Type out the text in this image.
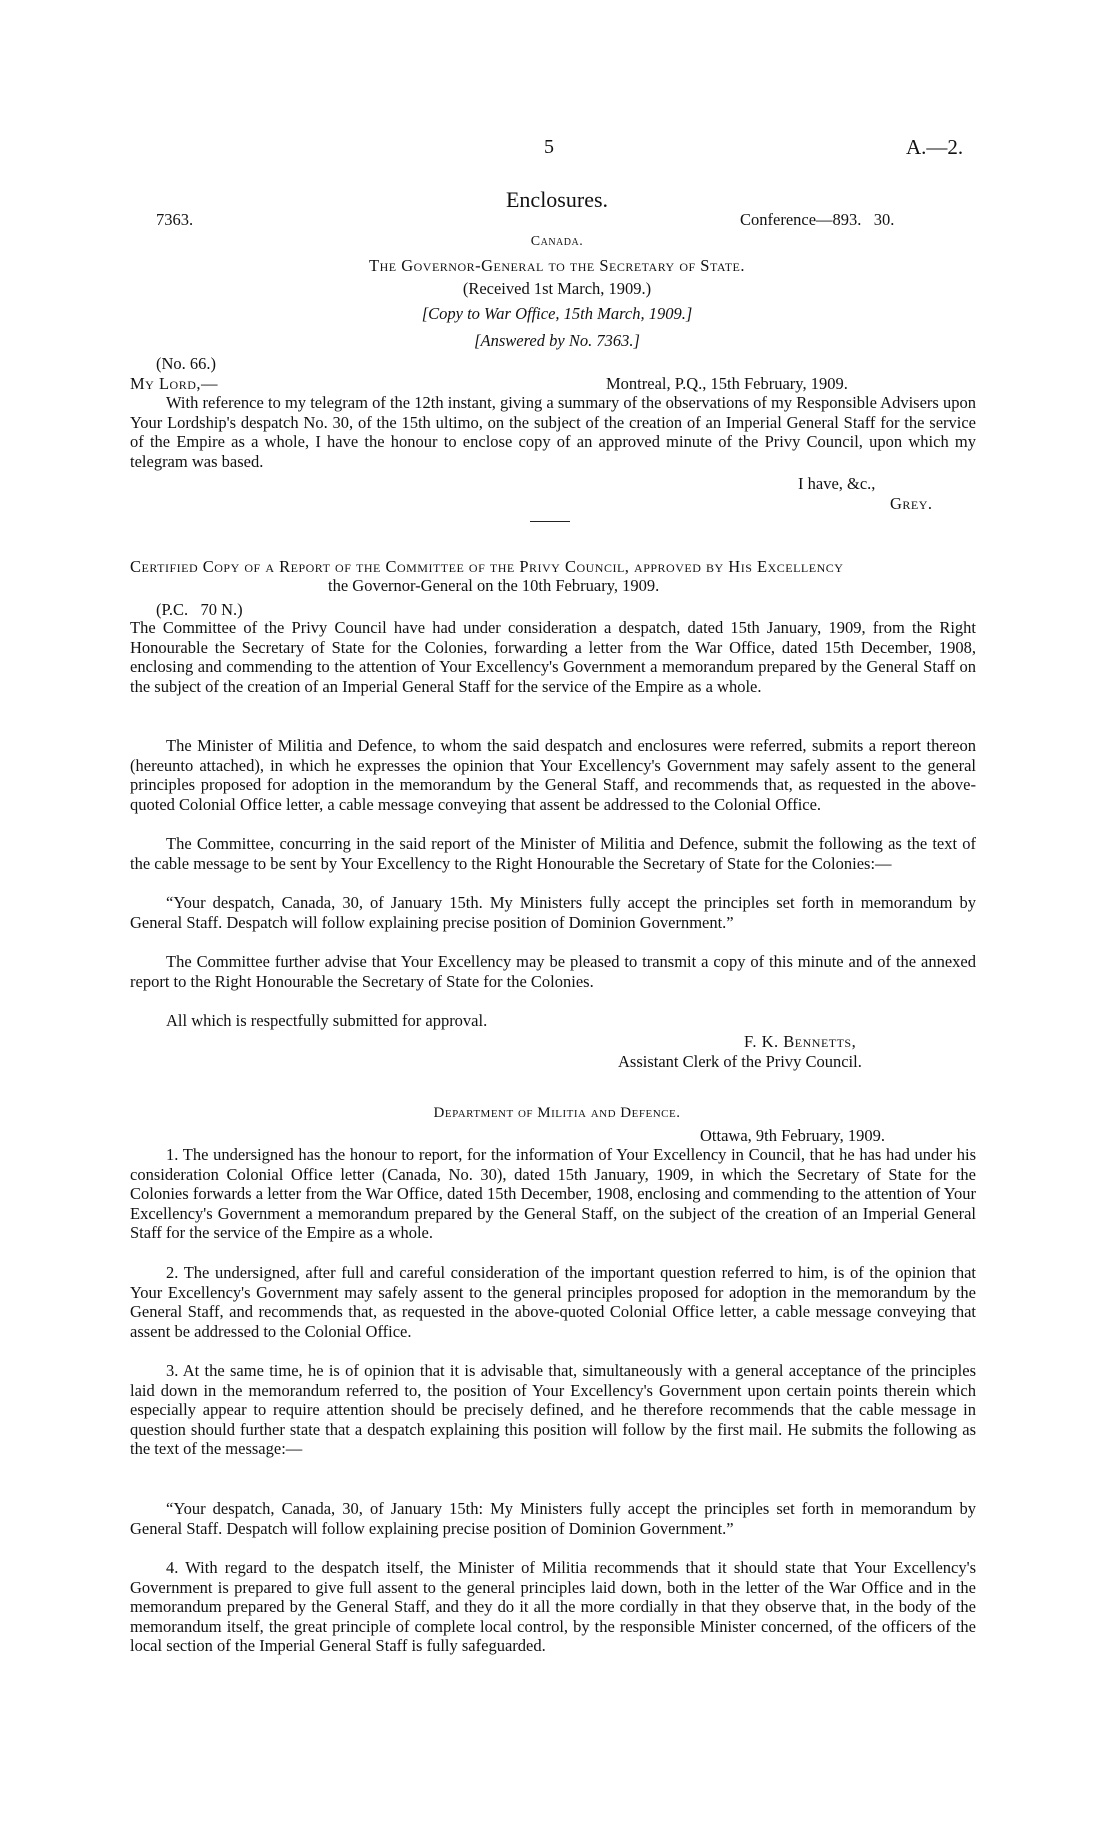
5	A.—2.
Enclosures.
7363.	Conference—893.   30.
Canada.
The Governor-General to the Secretary of State.
(Received 1st March, 1909.)
[Copy to War Office, 15th March, 1909.]
[Answered by No. 7363.]
(No. 66.)
My Lord,—	Montreal, P.Q., 15th February, 1909.
With reference to my telegram of the 12th instant, giving a summary of the observations of my Responsible Advisers upon Your Lordship's despatch No. 30, of the 15th ultimo, on the subject of the creation of an Imperial General Staff for the service of the Empire as a whole, I have the honour to enclose copy of an approved minute of the Privy Council, upon which my telegram was based.
I have, &c.,
Grey.
Certified Copy of a Report of the Committee of the Privy Council, approved by His Excellency
the Governor-General on the 10th February, 1909.
(P.C.   70 N.)
The Committee of the Privy Council have had under consideration a despatch, dated 15th January, 1909, from the Right Honourable the Secretary of State for the Colonies, forwarding a letter from the War Office, dated 15th December, 1908, enclosing and commending to the attention of Your Excellency's Government a memorandum prepared by the General Staff on the subject of the creation of an Imperial General Staff for the service of the Empire as a whole.
The Minister of Militia and Defence, to whom the said despatch and enclosures were referred, submits a report thereon (hereunto attached), in which he expresses the opinion that Your Excellency's Government may safely assent to the general principles proposed for adoption in the memorandum by the General Staff, and recommends that, as requested in the above-quoted Colonial Office letter, a cable message conveying that assent be addressed to the Colonial Office.
The Committee, concurring in the said report of the Minister of Militia and Defence, submit the following as the text of the cable message to be sent by Your Excellency to the Right Honourable the Secretary of State for the Colonies:—
“Your despatch, Canada, 30, of January 15th. My Ministers fully accept the principles set forth in memorandum by General Staff. Despatch will follow explaining precise position of Dominion Government.”
The Committee further advise that Your Excellency may be pleased to transmit a copy of this minute and of the annexed report to the Right Honourable the Secretary of State for the Colonies.
All which is respectfully submitted for approval.
F. K. Bennetts,
Assistant Clerk of the Privy Council.
Department of Militia and Defence.
Ottawa, 9th February, 1909.
1. The undersigned has the honour to report, for the information of Your Excellency in Council, that he has had under his consideration Colonial Office letter (Canada, No. 30), dated 15th January, 1909, in which the Secretary of State for the Colonies forwards a letter from the War Office, dated 15th December, 1908, enclosing and commending to the attention of Your Excellency's Government a memorandum prepared by the General Staff, on the subject of the creation of an Imperial General Staff for the service of the Empire as a whole.
2. The undersigned, after full and careful consideration of the important question referred to him, is of the opinion that Your Excellency's Government may safely assent to the general principles proposed for adoption in the memorandum by the General Staff, and recommends that, as requested in the above-quoted Colonial Office letter, a cable message conveying that assent be addressed to the Colonial Office.
3. At the same time, he is of opinion that it is advisable that, simultaneously with a general acceptance of the principles laid down in the memorandum referred to, the position of Your Excellency's Government upon certain points therein which especially appear to require attention should be precisely defined, and he therefore recommends that the cable message in question should further state that a despatch explaining this position will follow by the first mail. He submits the following as the text of the message:—
“Your despatch, Canada, 30, of January 15th: My Ministers fully accept the principles set forth in memorandum by General Staff. Despatch will follow explaining precise position of Dominion Government.”
4. With regard to the despatch itself, the Minister of Militia recommends that it should state that Your Excellency's Government is prepared to give full assent to the general principles laid down, both in the letter of the War Office and in the memorandum prepared by the General Staff, and they do it all the more cordially in that they observe that, in the body of the memorandum itself, the great principle of complete local control, by the responsible Minister concerned, of the officers of the local section of the Imperial General Staff is fully safeguarded.
